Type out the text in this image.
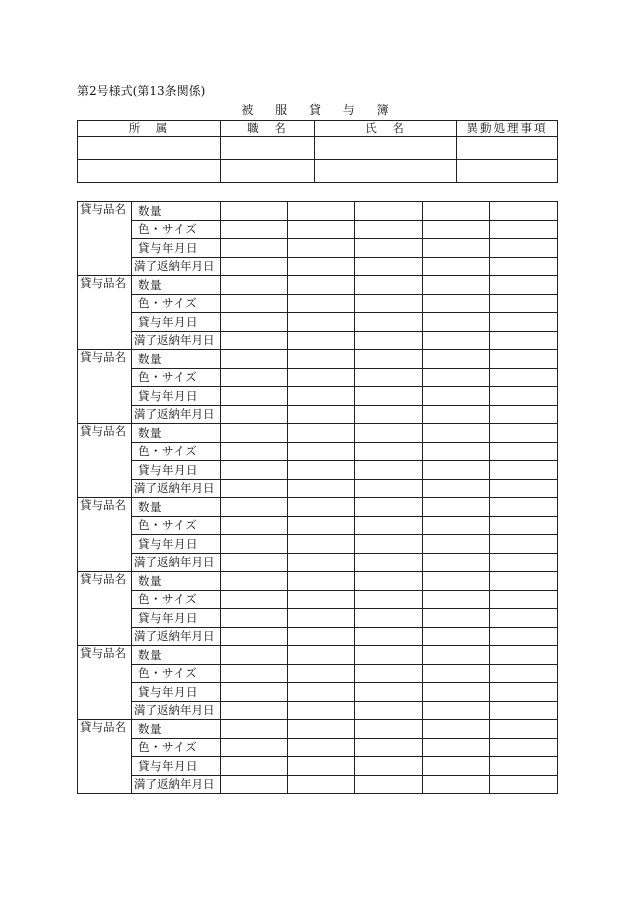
第2号様式(第13条関係)
被 服 貸 与 簿
所　属	職　名	氏　名	異動処理事項

貸与品名	数量					
	色・サイズ					
	貸与年月日					
	満了返納年月日					
貸与品名	数量					
	色・サイズ					
	貸与年月日					
	満了返納年月日					
貸与品名	数量					
	色・サイズ					
	貸与年月日					
	満了返納年月日					
貸与品名	数量					
	色・サイズ					
	貸与年月日					
	満了返納年月日					
貸与品名	数量					
	色・サイズ					
	貸与年月日					
	満了返納年月日					
貸与品名	数量					
	色・サイズ					
	貸与年月日					
	満了返納年月日					
貸与品名	数量					
	色・サイズ					
	貸与年月日					
	満了返納年月日					
貸与品名	数量					
	色・サイズ					
	貸与年月日					
	満了返納年月日					
